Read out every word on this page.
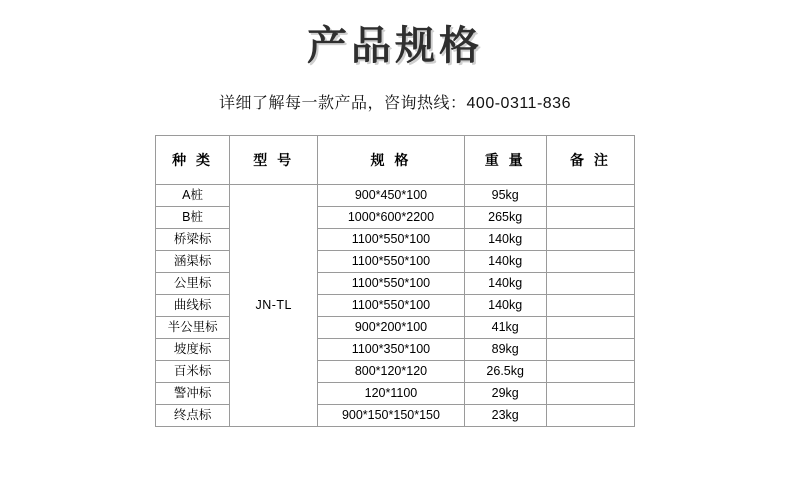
产品规格
详细了解每一款产品，咨询热线：400-0311-836
种 类	型 号	规 格	重 量	备 注
A桩	JN-TL	900*450*100	95kg	
B桩		1000*600*2200	265kg	
桥梁标		1100*550*100	140kg	
涵渠标		1100*550*100	140kg	
公里标		1100*550*100	140kg	
曲线标		1100*550*100	140kg	
半公里标		900*200*100	41kg	
坡度标		1100*350*100	89kg	
百米标		800*120*120	26.5kg	
警冲标		120*1100	29kg	
终点标		900*150*150*150	23kg	
